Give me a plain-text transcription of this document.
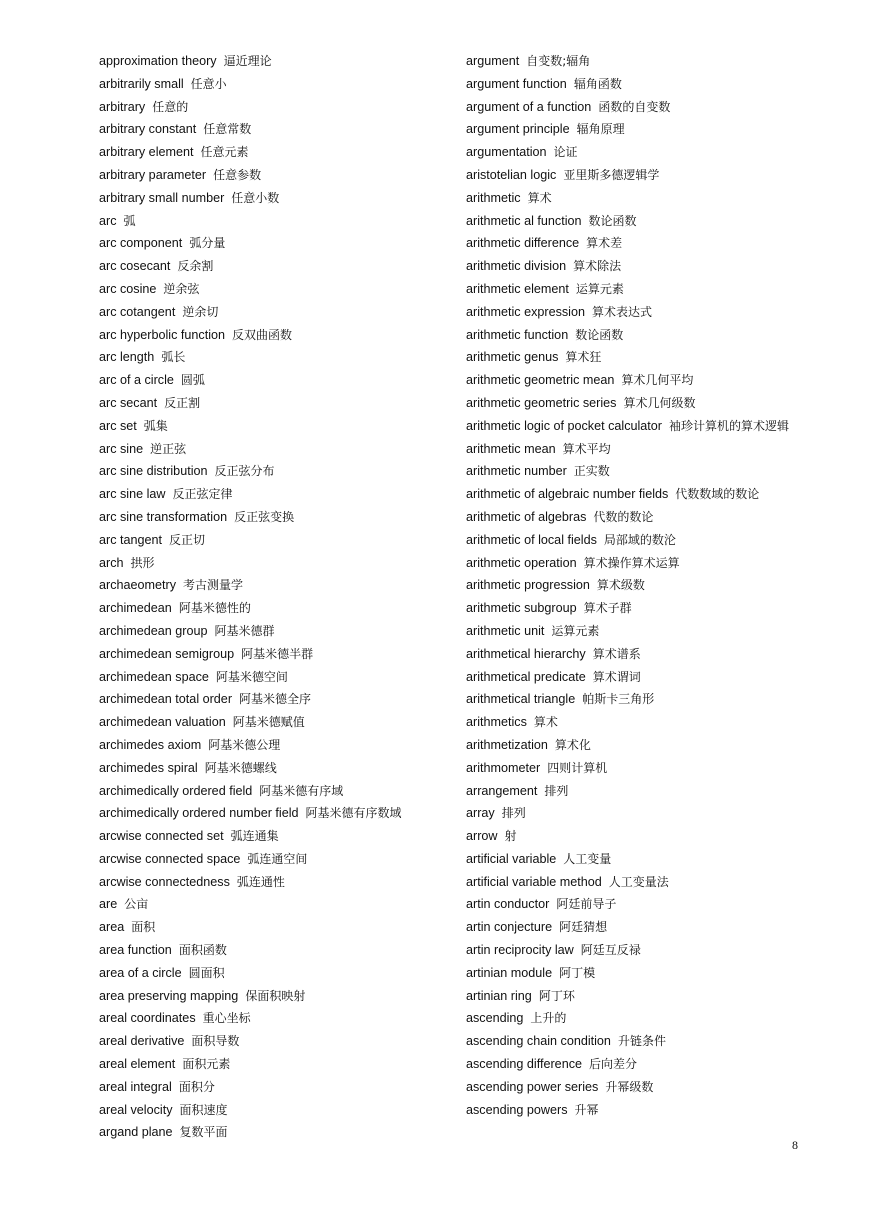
approximation theory 逼近理论

arbitrarily small 任意小

arbitrary 任意的

arbitrary constant 任意常数

arbitrary element 任意元素

arbitrary parameter 任意参数

arbitrary small number 任意小数

arc 弧

arc component 弧分量

arc cosecant 反余割

arc cosine 逆余弦

arc cotangent 逆余切

arc hyperbolic function 反双曲函数

arc length 弧长

arc of a circle 圆弧

arc secant 反正割

arc set 弧集

arc sine 逆正弦

arc sine distribution 反正弦分布

arc sine law 反正弦定律

arc sine transformation 反正弦变换

arc tangent 反正切

arch 拱形

archaeometry 考古测量学

archimedean 阿基米德性的

archimedean group 阿基米德群

archimedean semigroup 阿基米德半群

archimedean space 阿基米德空间

archimedean total order 阿基米德全序

archimedean valuation 阿基米德赋值

archimedes axiom 阿基米德公理

archimedes spiral 阿基米德螺线

archimedically ordered field 阿基米德有序域

archimedically ordered number field 阿基米德有序数域

arcwise connected set 弧连通集

arcwise connected space 弧连通空间

arcwise connectedness 弧连通性

are 公亩

area 面积

area function 面积函数

area of a circle 圆面积

area preserving mapping 保面积映射

areal coordinates 重心坐标

areal derivative 面积导数

areal element 面积元素

areal integral 面积分

areal velocity 面积速度

argand plane 复数平面

argument 自变数;辐角

argument function 辐角函数

argument of a function 函数的自变数

argument principle 辐角原理

argumentation 论证

aristotelian logic 亚里斯多德逻辑学

arithmetic 算术

arithmetic al function 数论函数

arithmetic difference 算术差

arithmetic division 算术除法

arithmetic element 运算元素

arithmetic expression 算术表达式

arithmetic function 数论函数

arithmetic genus 算术狂

arithmetic geometric mean 算术几何平均

arithmetic geometric series 算术几何级数

arithmetic logic of pocket calculator 袖珍计算机的算术逻辑

arithmetic mean 算术平均

arithmetic number 正实数

arithmetic of algebraic number fields 代数数域的数论

arithmetic of algebras 代数的数论

arithmetic of local fields 局部域的数沦

arithmetic operation 算术操作算术运算

arithmetic progression 算术级数

arithmetic subgroup 算术子群

arithmetic unit 运算元素

arithmetical hierarchy 算术谱系

arithmetical predicate 算术谓词

arithmetical triangle 帕斯卡三角形

arithmetics 算术

arithmetization 算术化

arithmometer 四则计算机

arrangement 排列

array 排列

arrow 射

artificial variable 人工变量

artificial variable method 人工变量法

artin conductor 阿廷前导子

artin conjecture 阿廷猜想

artin reciprocity law 阿廷互反禄

artinian module 阿丁模

artinian ring 阿丁环

ascending 上升的

ascending chain condition 升链条件

ascending difference 后向差分

ascending power series 升幂级数

ascending powers 升幂

8
